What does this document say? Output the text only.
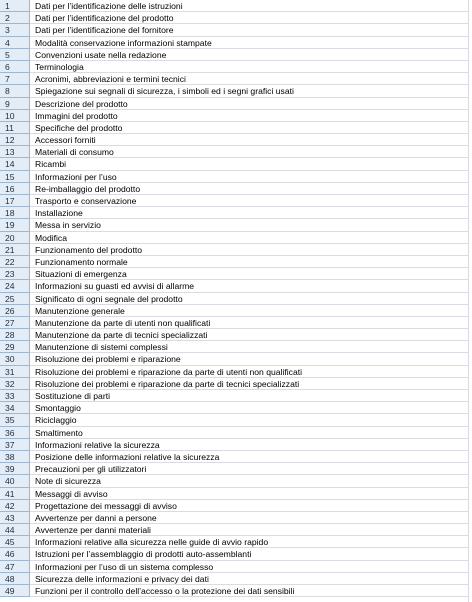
1	Dati per l’identificazione delle istruzioni
2	Dati per l’identificazione del prodotto
3	Dati per l’identificazione del fornitore
4	Modalità conservazione informazioni stampate
5	Convenzioni usate nella redazione
6	Terminologia
7	Acronimi, abbreviazioni e termini tecnici
8	Spiegazione sui segnali di sicurezza, i simboli ed i segni grafici usati
9	Descrizione del prodotto
10	Immagini del prodotto
11	Specifiche del prodotto
12	Accessori forniti
13	Materiali di consumo
14	Ricambi
15	Informazioni per l’uso
16	Re-imballaggio del prodotto
17	Trasporto e conservazione
18	Installazione
19	Messa in servizio
20	Modifica
21	Funzionamento del prodotto
22	Funzionamento normale
23	Situazioni di emergenza
24	Informazioni su guasti ed avvisi di allarme
25	Significato di ogni segnale del prodotto
26	Manutenzione generale
27	Manutenzione da parte di utenti non qualificati
28	Manutenzione da parte di tecnici specializzati
29	Manutenzione di sistemi complessi
30	Risoluzione dei problemi e riparazione
31	Risoluzione dei problemi e riparazione da parte di utenti non qualificati
32	Risoluzione dei problemi e riparazione da parte di tecnici specializzati
33	Sostituzione di parti
34	Smontaggio
35	Riciclaggio
36	Smaltimento
37	Informazioni relative la sicurezza
38	Posizione delle informazioni relative la sicurezza
39	Precauzioni per gli utilizzatori
40	Note di sicurezza
41	Messaggi di avviso
42	Progettazione dei messaggi di avviso
43	Avvertenze per danni a persone
44	Avvertenze per danni materiali
45	Informazioni relative alla sicurezza nelle guide di avvio rapido
46	Istruzioni per l’assemblaggio di prodotti auto-assemblanti
47	Informazioni per l’uso di un sistema complesso
48	Sicurezza delle informazioni e privacy dei dati
49	Funzioni per il controllo dell’accesso o la protezione dei dati sensibili
